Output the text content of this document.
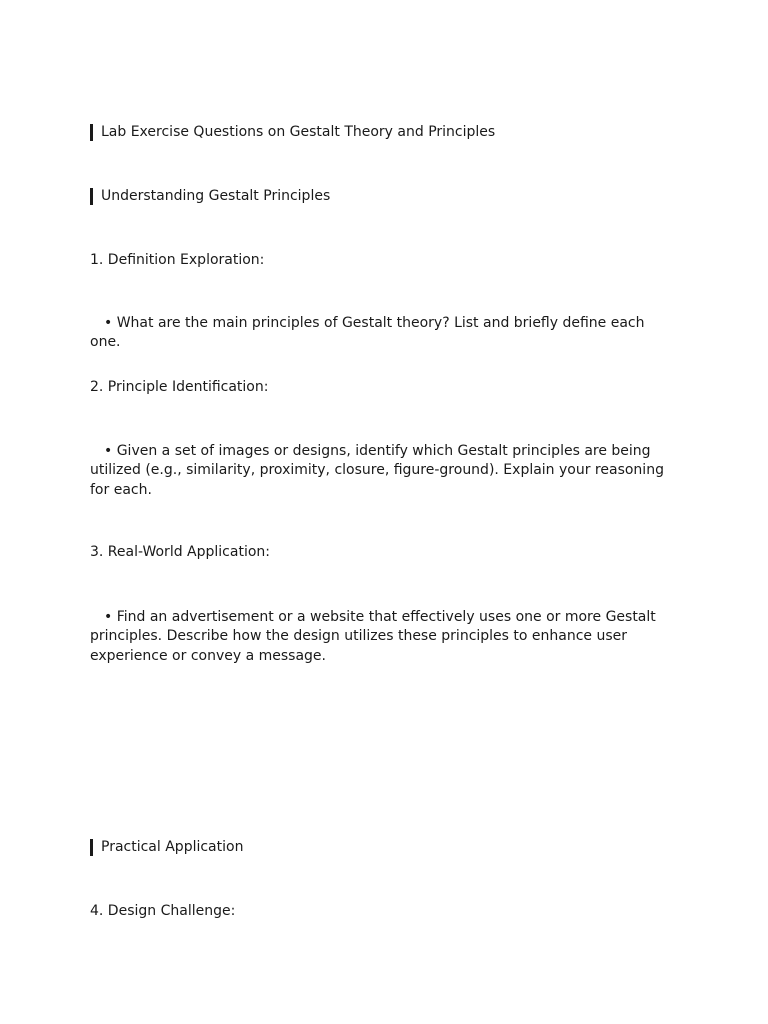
Lab Exercise Questions on Gestalt Theory and Principles
Understanding Gestalt Principles

1. Definition Exploration:

• What are the main principles of Gestalt theory? List and briefly define each one.

2. Principle Identification:

• Given a set of images or designs, identify which Gestalt principles are being utilized (e.g., similarity, proximity, closure, figure-ground). Explain your reasoning for each.

3. Real-World Application:

• Find an advertisement or a website that effectively uses one or more Gestalt principles. Describe how the design utilizes these principles to enhance user experience or convey a message.

Practical Application

4. Design Challenge:
